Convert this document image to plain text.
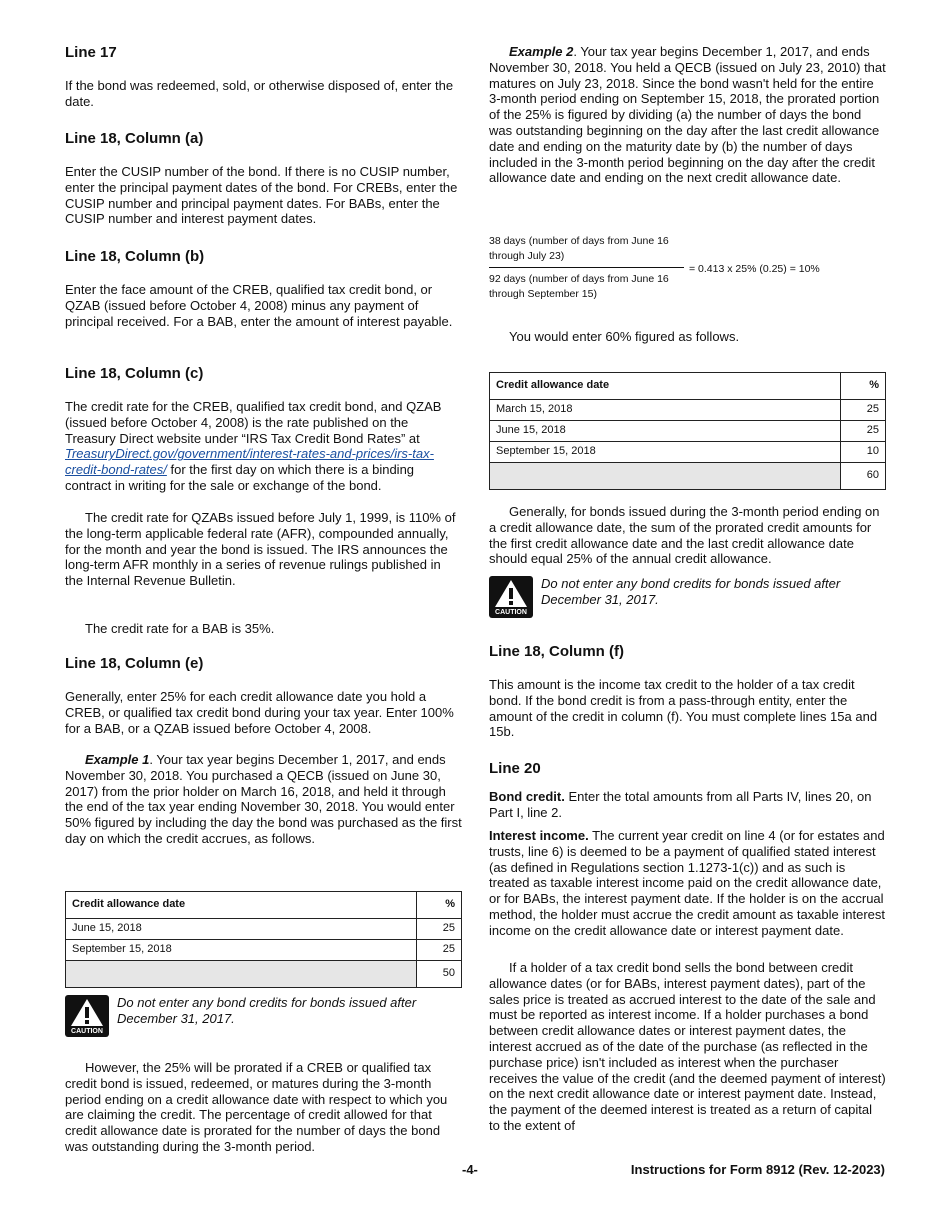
Line 17

If the bond was redeemed, sold, or otherwise disposed of, enter the date.

Line 18, Column (a)

Enter the CUSIP number of the bond. If there is no CUSIP number, enter the principal payment dates of the bond. For CREBs, enter the CUSIP number and principal payment dates. For BABs, enter the CUSIP number and interest payment dates.

Line 18, Column (b)

Enter the face amount of the CREB, qualified tax credit bond, or QZAB (issued before October 4, 2008) minus any payment of principal received. For a BAB, enter the amount of interest payable.

Line 18, Column (c)

The credit rate for the CREB, qualified tax credit bond, and QZAB (issued before October 4, 2008) is the rate published on the Treasury Direct website under “IRS Tax Credit Bond Rates” at TreasuryDirect.gov/government/interest-rates-and-prices/irs-tax-credit-bond-rates/ for the first day on which there is a binding contract in writing for the sale or exchange of the bond.

The credit rate for QZABs issued before July 1, 1999, is 110% of the long-term applicable federal rate (AFR), compounded annually, for the month and year the bond is issued. The IRS announces the long-term AFR monthly in a series of revenue rulings published in the Internal Revenue Bulletin.

The credit rate for a BAB is 35%.

Line 18, Column (e)

Generally, enter 25% for each credit allowance date you hold a CREB, or qualified tax credit bond during your tax year. Enter 100% for a BAB, or a QZAB issued before October 4, 2008.

Example 1. Your tax year begins December 1, 2017, and ends November 30, 2018. You purchased a QECB (issued on June 30, 2017) from the prior holder on March 16, 2018, and held it through the end of the tax year ending November 30, 2018. You would enter 50% figured by including the day the bond was purchased as the first day on which the credit accrues, as follows.

Credit allowance date	%
June 15, 2018	25
September 15, 2018	25
	50
CAUTION
Do not enter any bond credits for bonds issued after December 31, 2017.

However, the 25% will be prorated if a CREB or qualified tax credit bond is issued, redeemed, or matures during the 3-month period ending on a credit allowance date with respect to which you are claiming the credit. The percentage of credit allowed for that credit allowance date is prorated for the number of days the bond was outstanding during the 3-month period.

Example 2. Your tax year begins December 1, 2017, and ends November 30, 2018. You held a QECB (issued on July 23, 2010) that matures on July 23, 2018. Since the bond wasn't held for the entire 3-month period ending on September 15, 2018, the prorated portion of the 25% is figured by dividing (a) the number of days the bond was outstanding beginning on the day after the last credit allowance date and ending on the maturity date by (b) the number of days included in the 3-month period beginning on the day after the credit allowance date and ending on the next credit allowance date.

38 days (number of days from June 16 through July 23)
92 days (number of days from June 16 through September 15)
= 0.413 x 25% (0.25) = 10%

You would enter 60% figured as follows.

Credit allowance date	%
March 15, 2018	25
June 15, 2018	25
September 15, 2018	10
	60

Generally, for bonds issued during the 3-month period ending on a credit allowance date, the sum of the prorated credit amounts for the first credit allowance date and the last credit allowance date should equal 25% of the annual credit allowance.

CAUTION
Do not enter any bond credits for bonds issued after December 31, 2017.
Line 18, Column (f)

This amount is the income tax credit to the holder of a tax credit bond. If the bond credit is from a pass-through entity, enter the amount of the credit in column (f). You must complete lines 15a and 15b.

Line 20

Bond credit. Enter the total amounts from all Parts IV, lines 20, on Part I, line 2.

Interest income. The current year credit on line 4 (or for estates and trusts, line 6) is deemed to be a payment of qualified stated interest (as defined in Regulations section 1.1273-1(c)) and as such is treated as taxable interest income paid on the credit allowance date, or for BABs, the interest payment date. If the holder is on the accrual method, the holder must accrue the credit amount as taxable interest income on the credit allowance date or interest payment date.

If a holder of a tax credit bond sells the bond between credit allowance dates (or for BABs, interest payment dates), part of the sales price is treated as accrued interest to the date of the sale and must be reported as interest income. If a holder purchases a bond between credit allowance dates or interest payment dates, the interest accrued as of the date of the purchase (as reflected in the purchase price) isn't included as interest when the purchaser receives the value of the credit (and the deemed payment of interest) on the next credit allowance date or interest payment date. Instead, the payment of the deemed interest is treated as a return of capital to the extent of

-4-	Instructions for Form 8912 (Rev. 12-2023)
